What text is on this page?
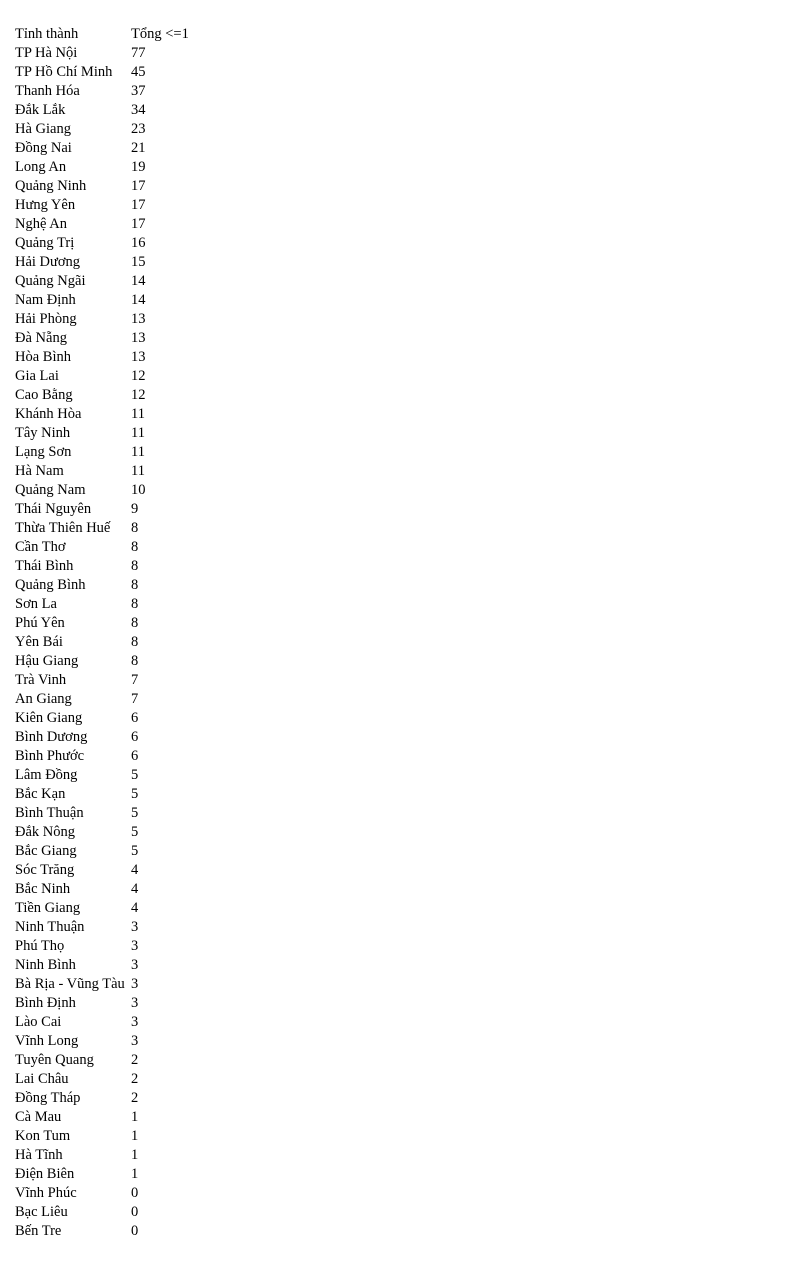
Tỉnh thành	Tổng <=1
TP Hà Nội	77
TP Hồ Chí Minh	45
Thanh Hóa	37
Đắk Lắk	34
Hà Giang	23
Đồng Nai	21
Long An	19
Quảng Ninh	17
Hưng Yên	17
Nghệ An	17
Quảng Trị	16
Hải Dương	15
Quảng Ngãi	14
Nam Định	14
Hải Phòng	13
Đà Nẵng	13
Hòa Bình	13
Gia Lai	12
Cao Bằng	12
Khánh Hòa	11
Tây Ninh	11
Lạng Sơn	11
Hà Nam	11
Quảng Nam	10
Thái Nguyên	9
Thừa Thiên Huế	8
Cần Thơ	8
Thái Bình	8
Quảng Bình	8
Sơn La	8
Phú Yên	8
Yên Bái	8
Hậu Giang	8
Trà Vinh	7
An Giang	7
Kiên Giang	6
Bình Dương	6
Bình Phước	6
Lâm Đồng	5
Bắc Kạn	5
Bình Thuận	5
Đắk Nông	5
Bắc Giang	5
Sóc Trăng	4
Bắc Ninh	4
Tiền Giang	4
Ninh Thuận	3
Phú Thọ	3
Ninh Bình	3
Bà Rịa - Vũng Tàu 3
Bình Định	3
Lào Cai	3
Vĩnh Long	3
Tuyên Quang	2
Lai Châu	2
Đồng Tháp	2
Cà Mau	1
Kon Tum	1
Hà Tĩnh	1
Điện Biên	1
Vĩnh Phúc	0
Bạc Liêu	0
Bến Tre	0
